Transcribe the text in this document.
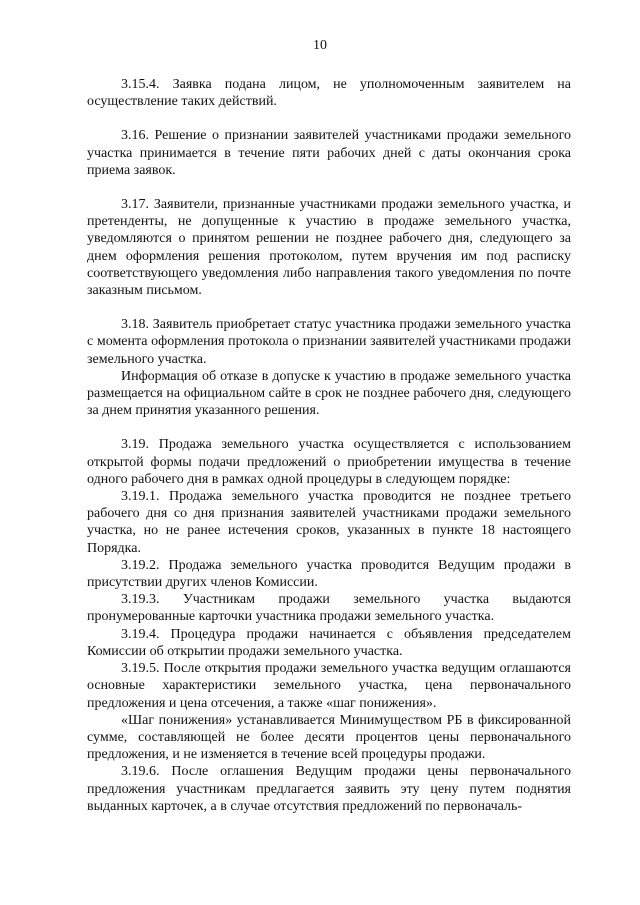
10

3.15.4. Заявка подана лицом, не уполномоченным заявителем на осуществление таких действий.

3.16. Решение о признании заявителей участниками продажи земельного участка принимается в течение пяти рабочих дней с даты окончания срока приема заявок.

3.17. Заявители, признанные участниками продажи земельного участка, и претенденты, не допущенные к участию в продаже земельного участка, уведомляются о принятом решении не позднее рабочего дня, следующего за днем оформления решения протоколом, путем вручения им под расписку соответствующего уведомления либо направления такого уведомления по почте заказным письмом.

3.18. Заявитель приобретает статус участника продажи земельного участка с момента оформления протокола о признании заявителей участниками продажи земельного участка.

Информация об отказе в допуске к участию в продаже земельного участка размещается на официальном сайте в срок не позднее рабочего дня, следующего за днем принятия указанного решения.

3.19. Продажа земельного участка осуществляется с использованием открытой формы подачи предложений о приобретении имущества в течение одного рабочего дня в рамках одной процедуры в следующем порядке:

3.19.1. Продажа земельного участка проводится не позднее третьего рабочего дня со дня признания заявителей участниками продажи земельного участка, но не ранее истечения сроков, указанных в пункте 18 настоящего Порядка.

3.19.2. Продажа земельного участка проводится Ведущим продажи в присутствии других членов Комиссии.

3.19.3. Участникам продажи земельного участка выдаются пронумерованные карточки участника продажи земельного участка.

3.19.4. Процедура продажи начинается с объявления председателем Комиссии об открытии продажи земельного участка.

3.19.5. После открытия продажи земельного участка ведущим оглашаются основные характеристики земельного участка, цена первоначального предложения и цена отсечения, а также «шаг понижения».

«Шаг понижения» устанавливается Минимуществом РБ в фиксированной сумме, составляющей не более десяти процентов цены первоначального предложения, и не изменяется в течение всей процедуры продажи.

3.19.6. После оглашения Ведущим продажи цены первоначального предложения участникам предлагается заявить эту цену путем поднятия выданных карточек, а в случае отсутствия предложений по первоначаль-
